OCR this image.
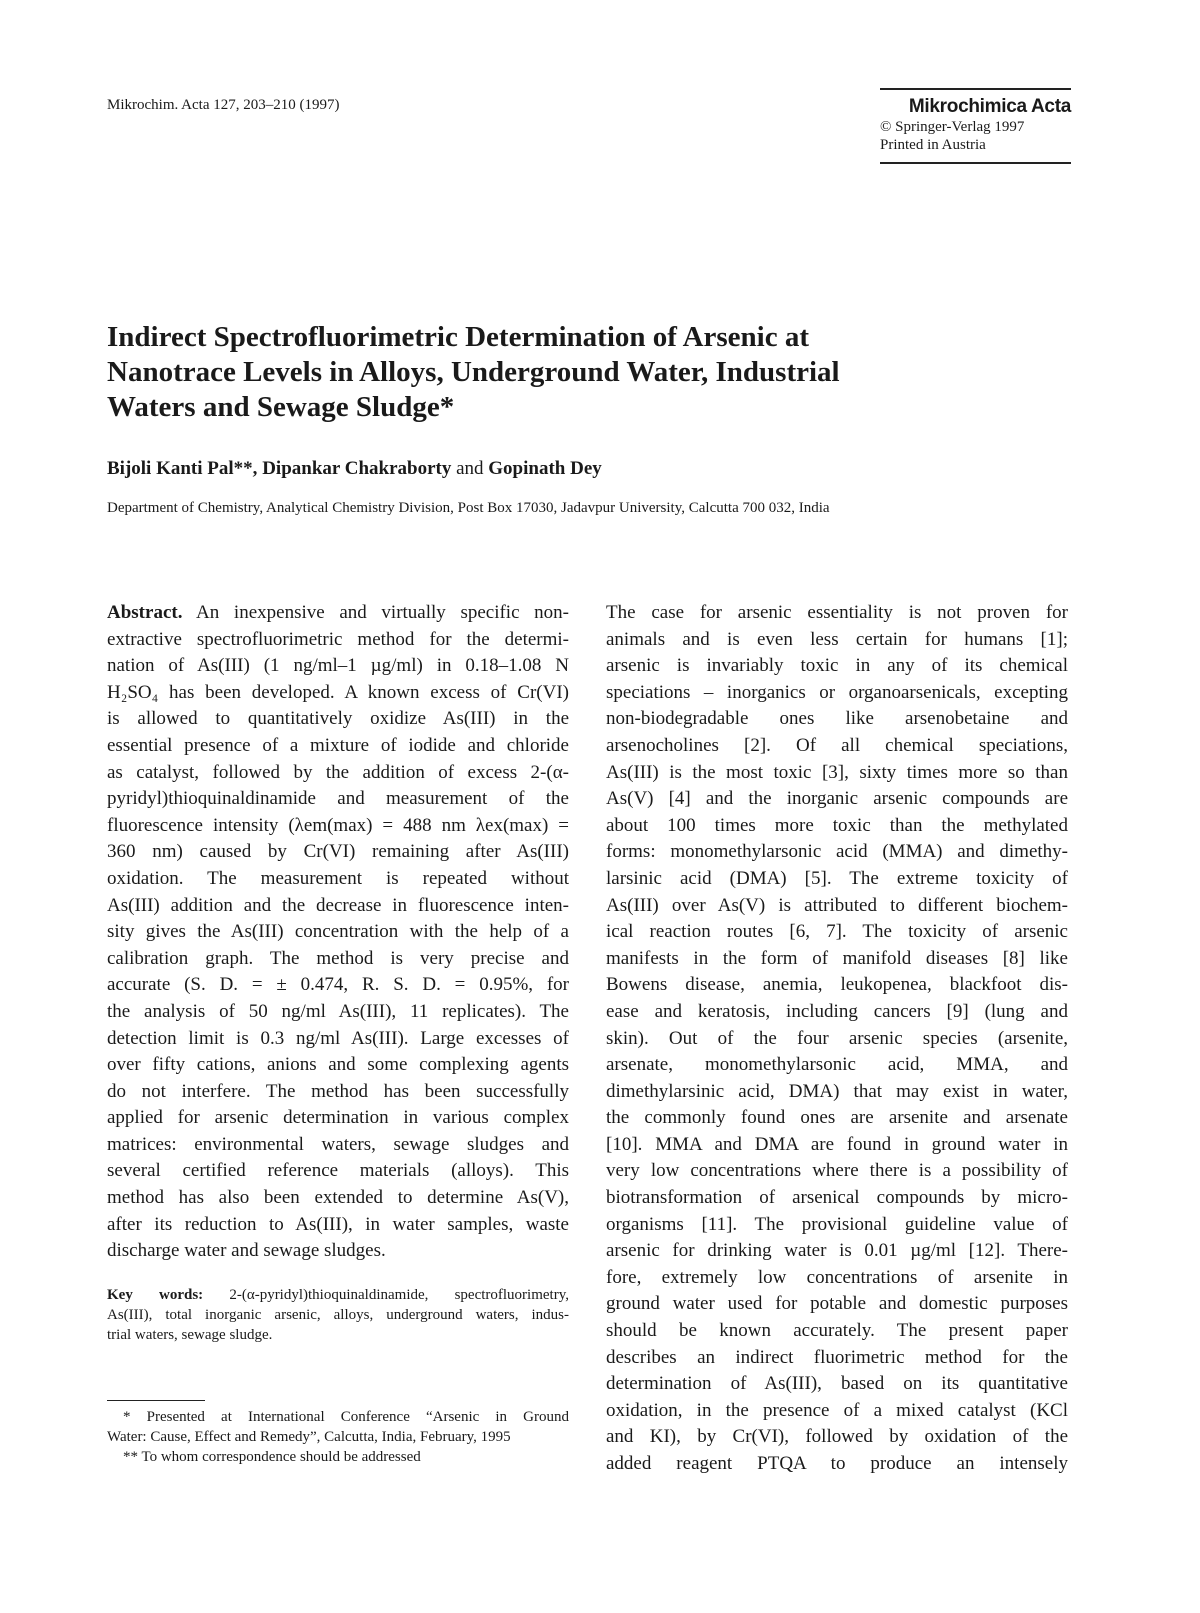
Mikrochim. Acta 127, 203–210 (1997)	Mikrochimica Acta
© Springer-Verlag 1997
Printed in Austria
Indirect Spectrofluorimetric Determination of Arsenic at
Nanotrace Levels in Alloys, Underground Water, Industrial
Waters and Sewage Sludge*
Bijoli Kanti Pal**, Dipankar Chakraborty and Gopinath Dey
Department of Chemistry, Analytical Chemistry Division, Post Box 17030, Jadavpur University, Calcutta 700 032, India
Abstract. An inexpensive and virtually specific non-
extractive spectrofluorimetric method for the determi-
nation of As(III) (1 ng/ml–1 µg/ml) in 0.18–1.08 N
H₂SO₄ has been developed. A known excess of Cr(VI)
is allowed to quantitatively oxidize As(III) in the
essential presence of a mixture of iodide and chloride
as catalyst, followed by the addition of excess 2-(α-
pyridyl)thioquinaldinamide and measurement of the
fluorescence intensity (λem(max) = 488 nm λex(max) =
360 nm) caused by Cr(VI) remaining after As(III)
oxidation. The measurement is repeated without
As(III) addition and the decrease in fluorescence inten-
sity gives the As(III) concentration with the help of a
calibration graph. The method is very precise and
accurate (S. D. = ± 0.474, R. S. D. = 0.95%, for
the analysis of 50 ng/ml As(III), 11 replicates). The
detection limit is 0.3 ng/ml As(III). Large excesses of
over fifty cations, anions and some complexing agents
do not interfere. The method has been successfully
applied for arsenic determination in various complex
matrices: environmental waters, sewage sludges and
several certified reference materials (alloys). This
method has also been extended to determine As(V),
after its reduction to As(III), in water samples, waste
discharge water and sewage sludges.
The case for arsenic essentiality is not proven for
animals and is even less certain for humans [1];
arsenic is invariably toxic in any of its chemical
speciations – inorganics or organoarsenicals, excepting
non-biodegradable ones like arsenobetaine and
arsenocholines [2]. Of all chemical speciations,
As(III) is the most toxic [3], sixty times more so than
As(V) [4] and the inorganic arsenic compounds are
about 100 times more toxic than the methylated
forms: monomethylarsonic acid (MMA) and dimethy-
larsinic acid (DMA) [5]. The extreme toxicity of
As(III) over As(V) is attributed to different biochem-
ical reaction routes [6, 7]. The toxicity of arsenic
manifests in the form of manifold diseases [8] like
Bowens disease, anemia, leukopenea, blackfoot dis-
ease and keratosis, including cancers [9] (lung and
skin). Out of the four arsenic species (arsenite,
arsenate, monomethylarsonic acid, MMA, and
dimethylarsinic acid, DMA) that may exist in water,
the commonly found ones are arsenite and arsenate
[10]. MMA and DMA are found in ground water in
very low concentrations where there is a possibility of
biotransformation of arsenical compounds by micro-
organisms [11]. The provisional guideline value of
arsenic for drinking water is 0.01 µg/ml [12]. There-
fore, extremely low concentrations of arsenite in
ground water used for potable and domestic purposes
should be known accurately. The present paper
describes an indirect fluorimetric method for the
determination of As(III), based on its quantitative
oxidation, in the presence of a mixed catalyst (KCl
and KI), by Cr(VI), followed by oxidation of the
added reagent PTQA to produce an intensely
Key words: 2-(α-pyridyl)thioquinaldinamide, spectrofluorimetry,
As(III), total inorganic arsenic, alloys, underground waters, indus-
trial waters, sewage sludge.
* Presented at International Conference “Arsenic in Ground
Water: Cause, Effect and Remedy”, Calcutta, India, February, 1995
** To whom correspondence should be addressed
